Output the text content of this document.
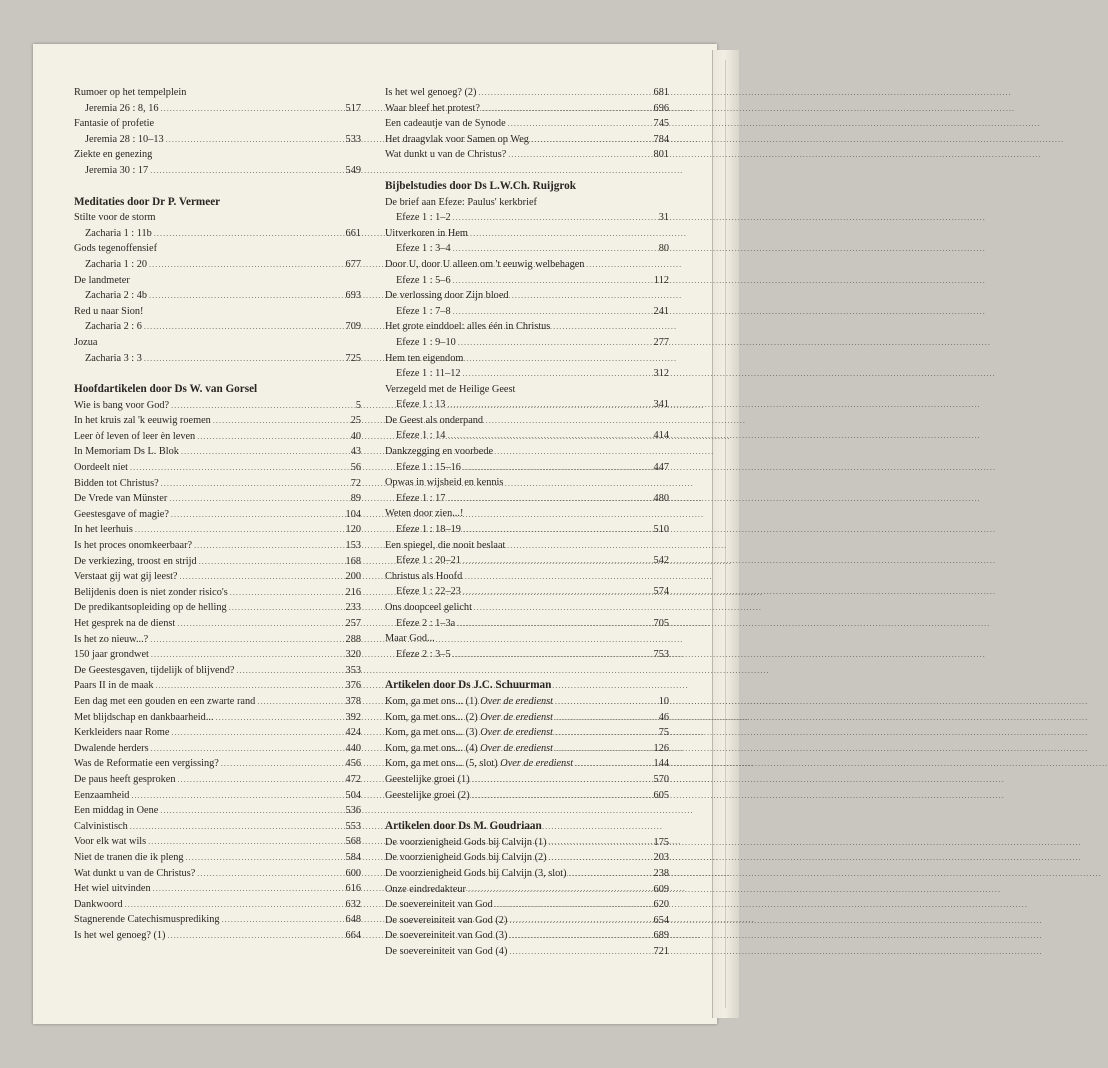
Rumoer op het tempelplein
Jeremia 26 : 8, 16 .....	517
Fantasie of profetie
Jeremia 28 : 10–13 .....	533
Ziekte en genezing
Jeremia 30 : 17 .....	549
Meditaties door Dr P. Vermeer
Stilte voor de storm
Zacharia 1 : 11b .....	661
Gods tegenoffensief
Zacharia 1 : 20 .....	677
De landmeter
Zacharia 2 : 4b .....	693
Red u naar Sion!
Zacharia 2 : 6 .....	709
Jozua
Zacharia 3 : 3 .....	725
Hoofdartikelen door Ds W. van Gorsel
Wie is bang voor God? .....	5
In het kruis zal 'k eeuwig roemen .....	25
Leer òf leven of leer èn leven .....	40
In Memoriam Ds L. Blok .....	43
Oordeelt niet .....	56
Bidden tot Christus? .....	72
De Vrede van Münster .....	89
Geestesgave of magie? .....	104
In het leerhuis .....	120
Is het proces onomkeerbaar? .....	153
De verkiezing, troost en strijd .....	168
Verstaat gij wat gij leest? .....	200
Belijdenis doen is niet zonder risico's .....	216
De predikantsopleiding op de helling .....	233
Het gesprek na de dienst .....	257
Is het zo nieuw...? .....	288
150 jaar grondwet .....	320
De Geestesgaven, tijdelijk of blijvend? .....	353
Paars II in de maak .....	376
Een dag met een gouden en een zwarte rand .....	378
Met blijdschap en dankbaarheid... .....	392
Kerkleiders naar Rome .....	424
Dwalende herders .....	440
Was de Reformatie een vergissing? .....	456
De paus heeft gesproken .....	472
Eenzaamheid .....	504
Een middag in Oene .....	536
Calvinistisch .....	553
Voor elk wat wils .....	568
Niet de tranen die ik pleng .....	584
Wat dunkt u van de Christus? .....	600
Het wiel uitvinden .....	616
Dankwoord .....	632
Stagnerende Catechismusprediking .....	648
Is het wel genoeg? (1) .....	664
Is het wel genoeg? (2) .....	681
Waar bleef het protest? .....	696
Een cadeautje van de Synode .....	745
Het draagvlak voor Samen op Weg .....	784
Wat dunkt u van de Christus? .....	801
Bijbelstudies door Ds L.W.Ch. Ruijgrok
De brief aan Efeze: Paulus' kerkbrief
Efeze 1 : 1–2 .....	31
Uitverkoren in Hem
Efeze 1 : 3–4 .....	80
Door U, door U alleen om 't eeuwig welbehagen
Efeze 1 : 5–6 .....	112
De verlossing door Zijn bloed
Efeze 1 : 7–8 .....	241
Het grote einddoel: alles één in Christus
Efeze 1 : 9–10 .....	277
Hem ten eigendom
Efeze 1 : 11–12 .....	312
Verzegeld met de Heilige Geest
Efeze 1 : 13 .....	341
De Geest als onderpand
Efeze 1 : 14 .....	414
Dankzegging en voorbede
Efeze 1 : 15–16 .....	447
Opwas in wijsheid en kennis
Efeze 1 : 17 .....	480
Weten door zien...!
Efeze 1 : 18–19 .....	510
Een spiegel, die nooit beslaat
Efeze 1 : 20–21 .....	542
Christus als Hoofd
Efeze 1 : 22–23 .....	574
Ons doopceel gelicht
Efeze 2 : 1–3a .....	705
Maar God...
Efeze 2 : 3–5 .....	753
Artikelen door Ds J.C. Schuurman
Kom, ga met ons... (1) Over de eredienst .....	10
Kom, ga met ons... (2) Over de eredienst .....	46
Kom, ga met ons... (3) Over de eredienst .....	75
Kom, ga met ons... (4) Over de eredienst .....	126
Kom, ga met ons... (5, slot) Over de eredienst .....	144
Geestelijke groei (1) .....	570
Geestelijke groei (2) .....	605
Artikelen door Ds M. Goudriaan
De voorzienigheid Gods bij Calvijn (1) .....	175
De voorzienigheid Gods bij Calvijn (2) .....	203
De voorzienigheid Gods bij Calvijn (3, slot) .....	238
Onze eindredakteur .....	609
De soevereiniteit van God .....	620
De soevereiniteit van God (2) .....	654
De soevereiniteit van God (3) .....	689
De soevereiniteit van God (4) .....	721
